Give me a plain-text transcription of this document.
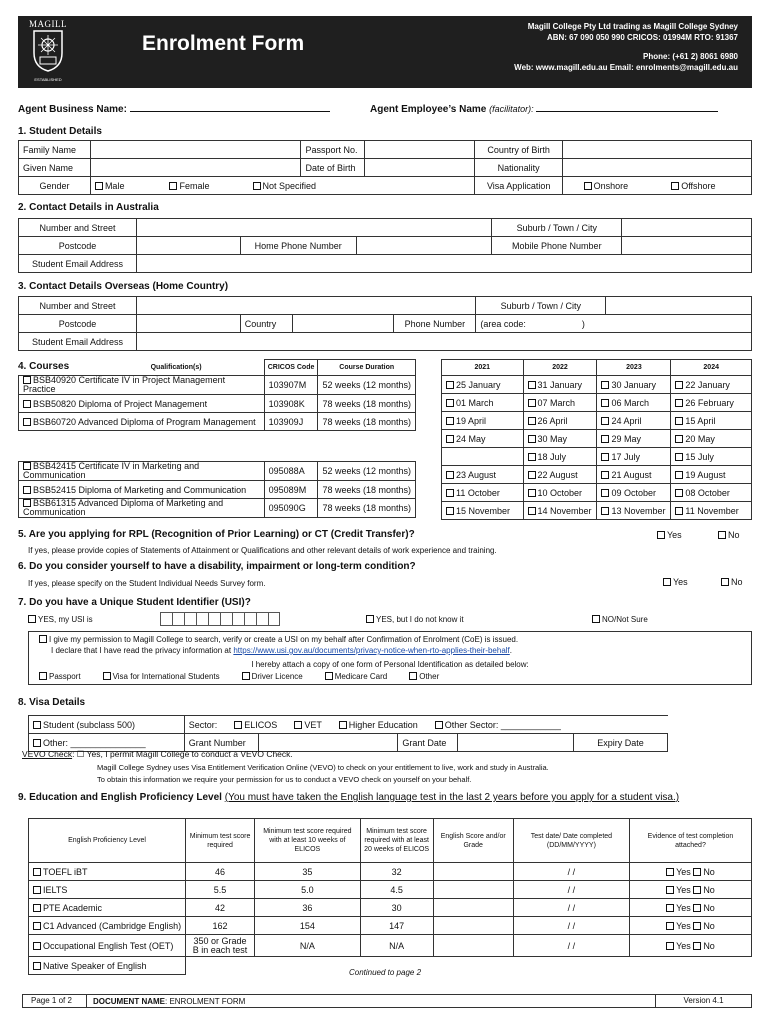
MAGILL
ESTABLISHED
Enrolment Form
Magill College Pty Ltd trading as Magill College Sydney
ABN: 67 090 050 990 CRICOS: 01994M RTO: 91367
Phone: (+61 2) 8061 6980
Web: www.magill.edu.au Email: enrolments@magill.edu.au
Agent Business Name:	Agent Employee’s Name (facilitator):
1. Student Details
Family Name		Passport No.		Country of Birth	
Given Name		Date of Birth		Nationality	
Gender	Male Female Not Specified			Visa Application	Onshore Offshore
2. Contact Details in Australia
Number and Street				Suburb / Town / City	
Postcode		Home Phone Number		Mobile Phone Number	
Student Email Address					
3. Contact Details Overseas (Home Country)
Number and Street					Suburb / Town / City	
Postcode		Country		Phone Number	(area code: )	
Student Email Address						
4. Courses	Qualification(s)	CRICOS Code	Course Duration
BSB40920 Certificate IV in Project Management Practice	103907M	52 weeks (12 months)
BSB50820 Diploma of Project Management	103908K	78 weeks (18 months)
BSB60720 Advanced Diploma of Program Management	103909J	78 weeks (18 months)

BSB42415 Certificate IV in Marketing and Communication	095088A	52 weeks (12 months)
BSB52415 Diploma of Marketing and Communication	095089M	78 weeks (18 months)
BSB61315 Advanced Diploma of Marketing and Communication	095090G	78 weeks (18 months)
2021	2022	2023	2024
25 January	31 January	30 January	22 January
01 March	07 March	06 March	26 February
19 April	26 April	24 April	15 April
24 May	30 May	29 May	20 May
	18 July	17 July	15 July
23 August	22 August	21 August	19 August
11 October	10 October	09 October	08 October
15 November	14 November	13 November	11 November
5. Are you applying for RPL (Recognition of Prior Learning) or CT (Credit Transfer)?
If yes, please provide copies of Statements of Attainment or Qualifications and other relevant details of work experience and training.
Yes	No
6. Do you consider yourself to have a disability, impairment or long-term condition?
If yes, please specify on the Student Individual Needs Survey form.	Yes	No
7. Do you have a Unique Student Identifier (USI)?
YES, my USI is	YES, but I do not know it	NO/Not Sure
I give my permission to Magill College to search, verify or create a USI on my behalf after Confirmation of Enrolment (CoE) is issued.
I declare that I have read the privacy information at https://www.usi.gov.au/documents/privacy-notice-when-rto-applies-their-behalf.
I hereby attach a copy of one form of Personal Identification as detailed below:
Passport	Visa for International Students	Driver Licence	Medicare Card	Other
8. Visa Details
Student (subclass 500)	Sector: ELICOS VET Higher Education Other Sector: ____________				
Other: _______________	Grant Number		Grant Date		Expiry Date
VEVO Check: ☐ Yes, I permit Magill College to conduct a VEVO Check.
Magill College Sydney uses Visa Entitlement Verification Online (VEVO) to check on your entitlement to live, work and study in Australia.
To obtain this information we require your permission for us to conduct a VEVO check on yourself on your behalf.
9. Education and English Proficiency Level (You must have taken the English language test in the last 2 years before you apply for a student visa.)
English Proficiency Level	Minimum test score required	Minimum test score required with at least 10 weeks of ELICOS	Minimum test score required with at least 20 weeks of ELICOS	English Score and/or Grade	Test date/ Date completed (DD/MM/YYYY)	Evidence of test completion attached?
TOEFL iBT	46	35	32		/ /	Yes No
IELTS	5.5	5.0	4.5		/ /	Yes No
PTE Academic	42	36	30		/ /	Yes No
C1 Advanced (Cambridge English)	162	154	147		/ /	Yes No
Occupational English Test (OET)	350 or Grade B in each test	N/A	N/A		/ /	Yes No
Native Speaker of English						
Continued to page 2
Page 1 of 2	DOCUMENT NAME: ENROLMENT FORM	Version 4.1
